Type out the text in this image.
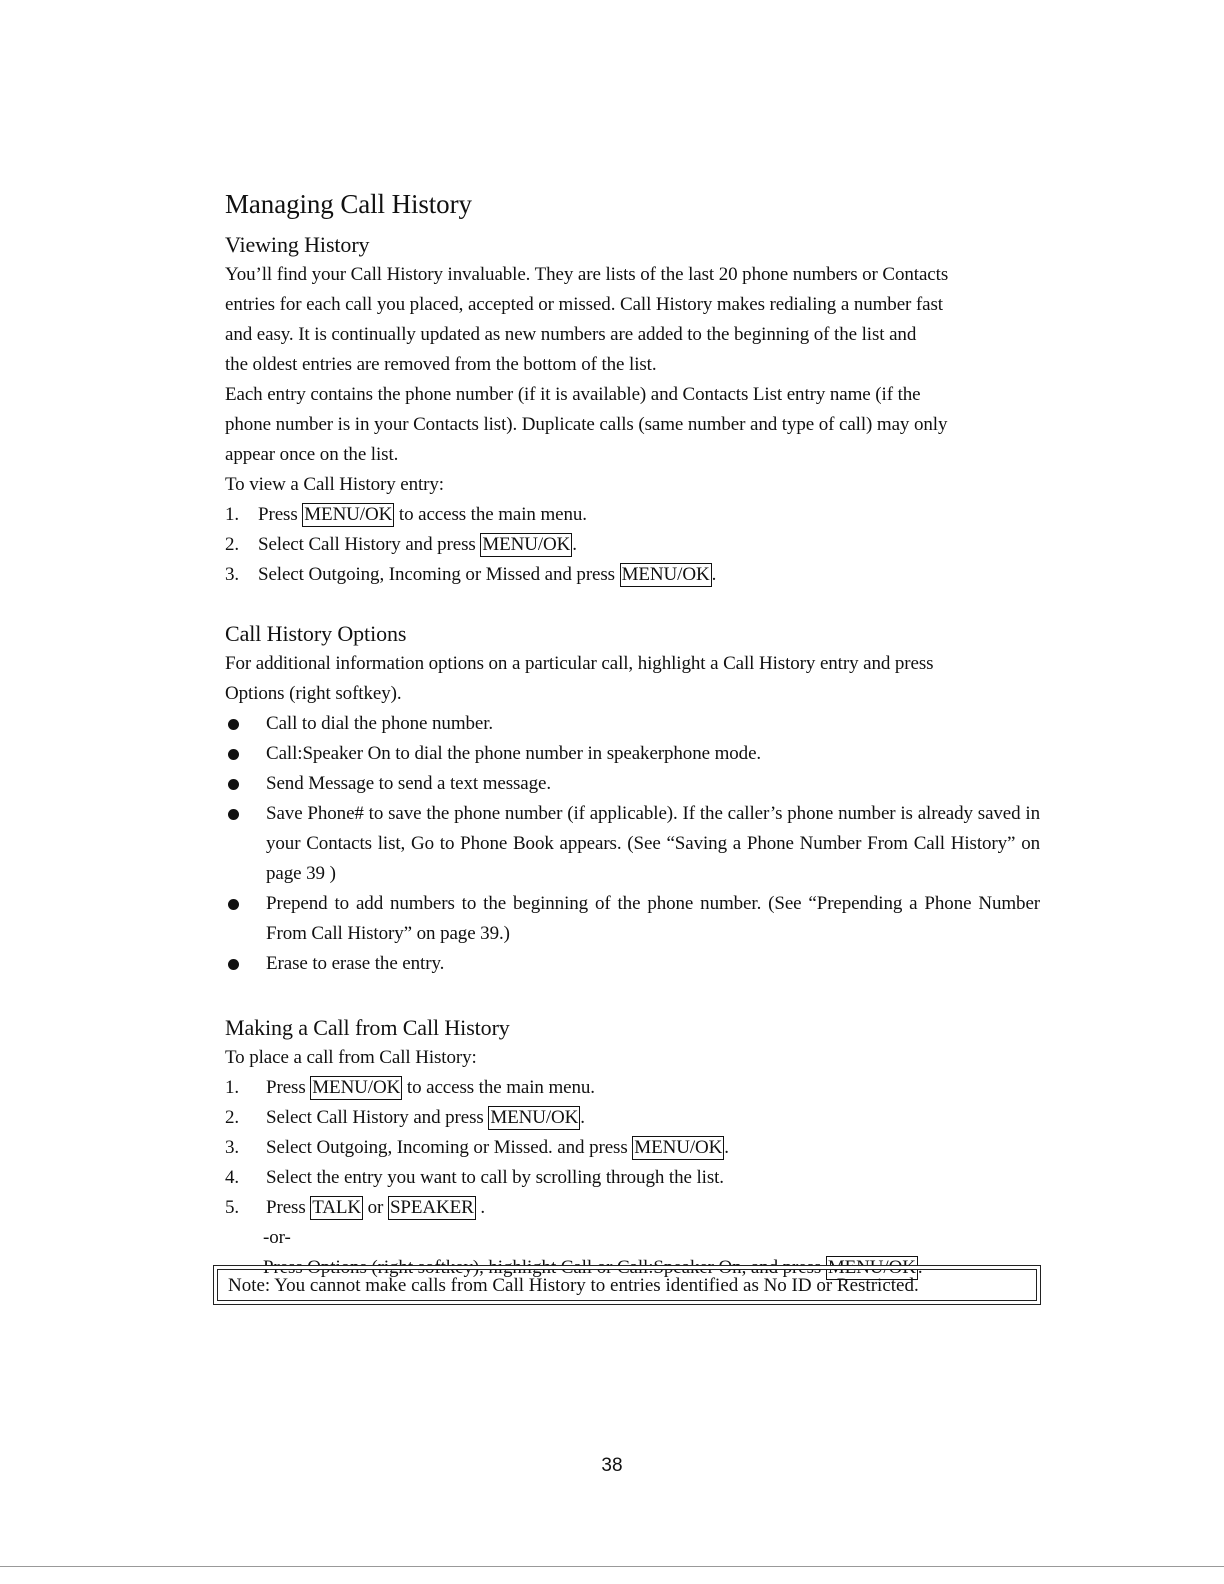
Managing Call History
Viewing History
You’ll find your Call History invaluable. They are lists of the last 20 phone numbers or Contacts
entries for each call you placed, accepted or missed. Call History makes redialing a number fast
and easy. It is continually updated as new numbers are added to the beginning of the list and
the oldest entries are removed from the bottom of the list.
Each entry contains the phone number (if it is available) and Contacts List entry name (if the
phone number is in your Contacts list). Duplicate calls (same number and type of call) may only
appear once on the list.
To view a Call History entry:
1. Press MENU/OK to access the main menu.
2. Select Call History and press MENU/OK .
3. Select Outgoing, Incoming or Missed and press MENU/OK .
Call History Options
For additional information options on a particular call, highlight a Call History entry and press
Options (right softkey).
Call to dial the phone number.
Call:Speaker On to dial the phone number in speakerphone mode.
Send Message to send a text message.
Save Phone# to save the phone number (if applicable). If the caller’s phone number is already saved in your Contacts list, Go to Phone Book appears. (See “Saving a Phone Number From Call History” on page 39 )
Prepend to add numbers to the beginning of the phone number. (See “Prepending a Phone Number From Call History” on page 39.)
Erase to erase the entry.
Making a Call from Call History
To place a call from Call History:
1.	Press MENU/OK to access the main menu.
2.	Select Call History and press MENU/OK .
3.	Select Outgoing, Incoming or Missed. and press MENU/OK .
4.	Select the entry you want to call by scrolling through the list.
5.	Press TALK or SPEAKER .
-or-
Press Options (right softkey), highlight Call or Call:Speaker On, and press MENU/OK .
Note: You cannot make calls from Call History to entries identified as No ID or Restricted.
38
